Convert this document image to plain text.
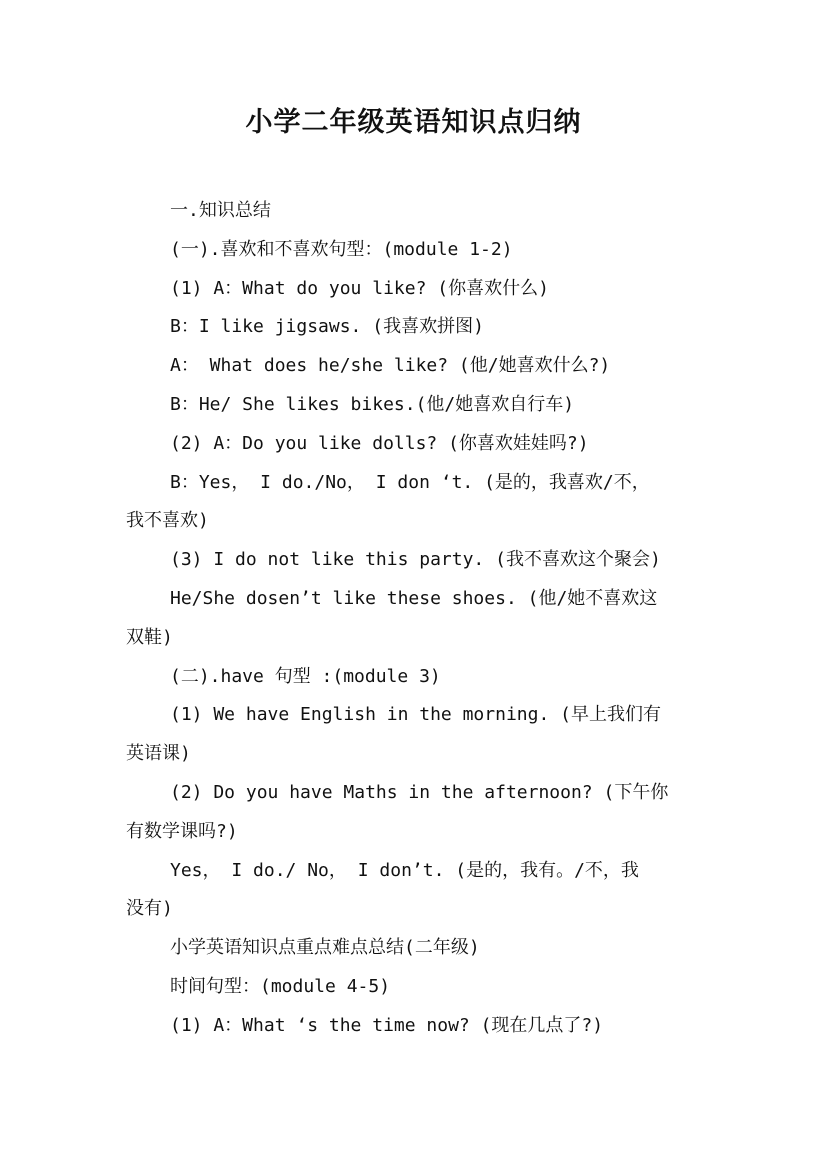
小学二年级英语知识点归纳

一.知识总结

(一).喜欢和不喜欢句型：(module 1-2)

(1) A：What do you like? (你喜欢什么)

B：I like jigsaws. (我喜欢拼图)

A： What does he/she like? (他/她喜欢什么?)

B：He/ She likes bikes.(他/她喜欢自行车)

(2) A：Do you like dolls? (你喜欢娃娃吗?)

B：Yes， I do./No， I don ‘t. (是的，我喜欢/不，

我不喜欢)

(3) I do not like this party. (我不喜欢这个聚会)

He/She dosen’t like these shoes. (他/她不喜欢这

双鞋)

(二).have 句型 :(module 3)

(1) We have English in the morning. (早上我们有

英语课)

(2) Do you have Maths in the afternoon? (下午你

有数学课吗?)

Yes， I do./ No， I don’t. (是的，我有。/不，我

没有)

小学英语知识点重点难点总结(二年级)

时间句型：(module 4-5)

(1) A：What ‘s the time now? (现在几点了?)
